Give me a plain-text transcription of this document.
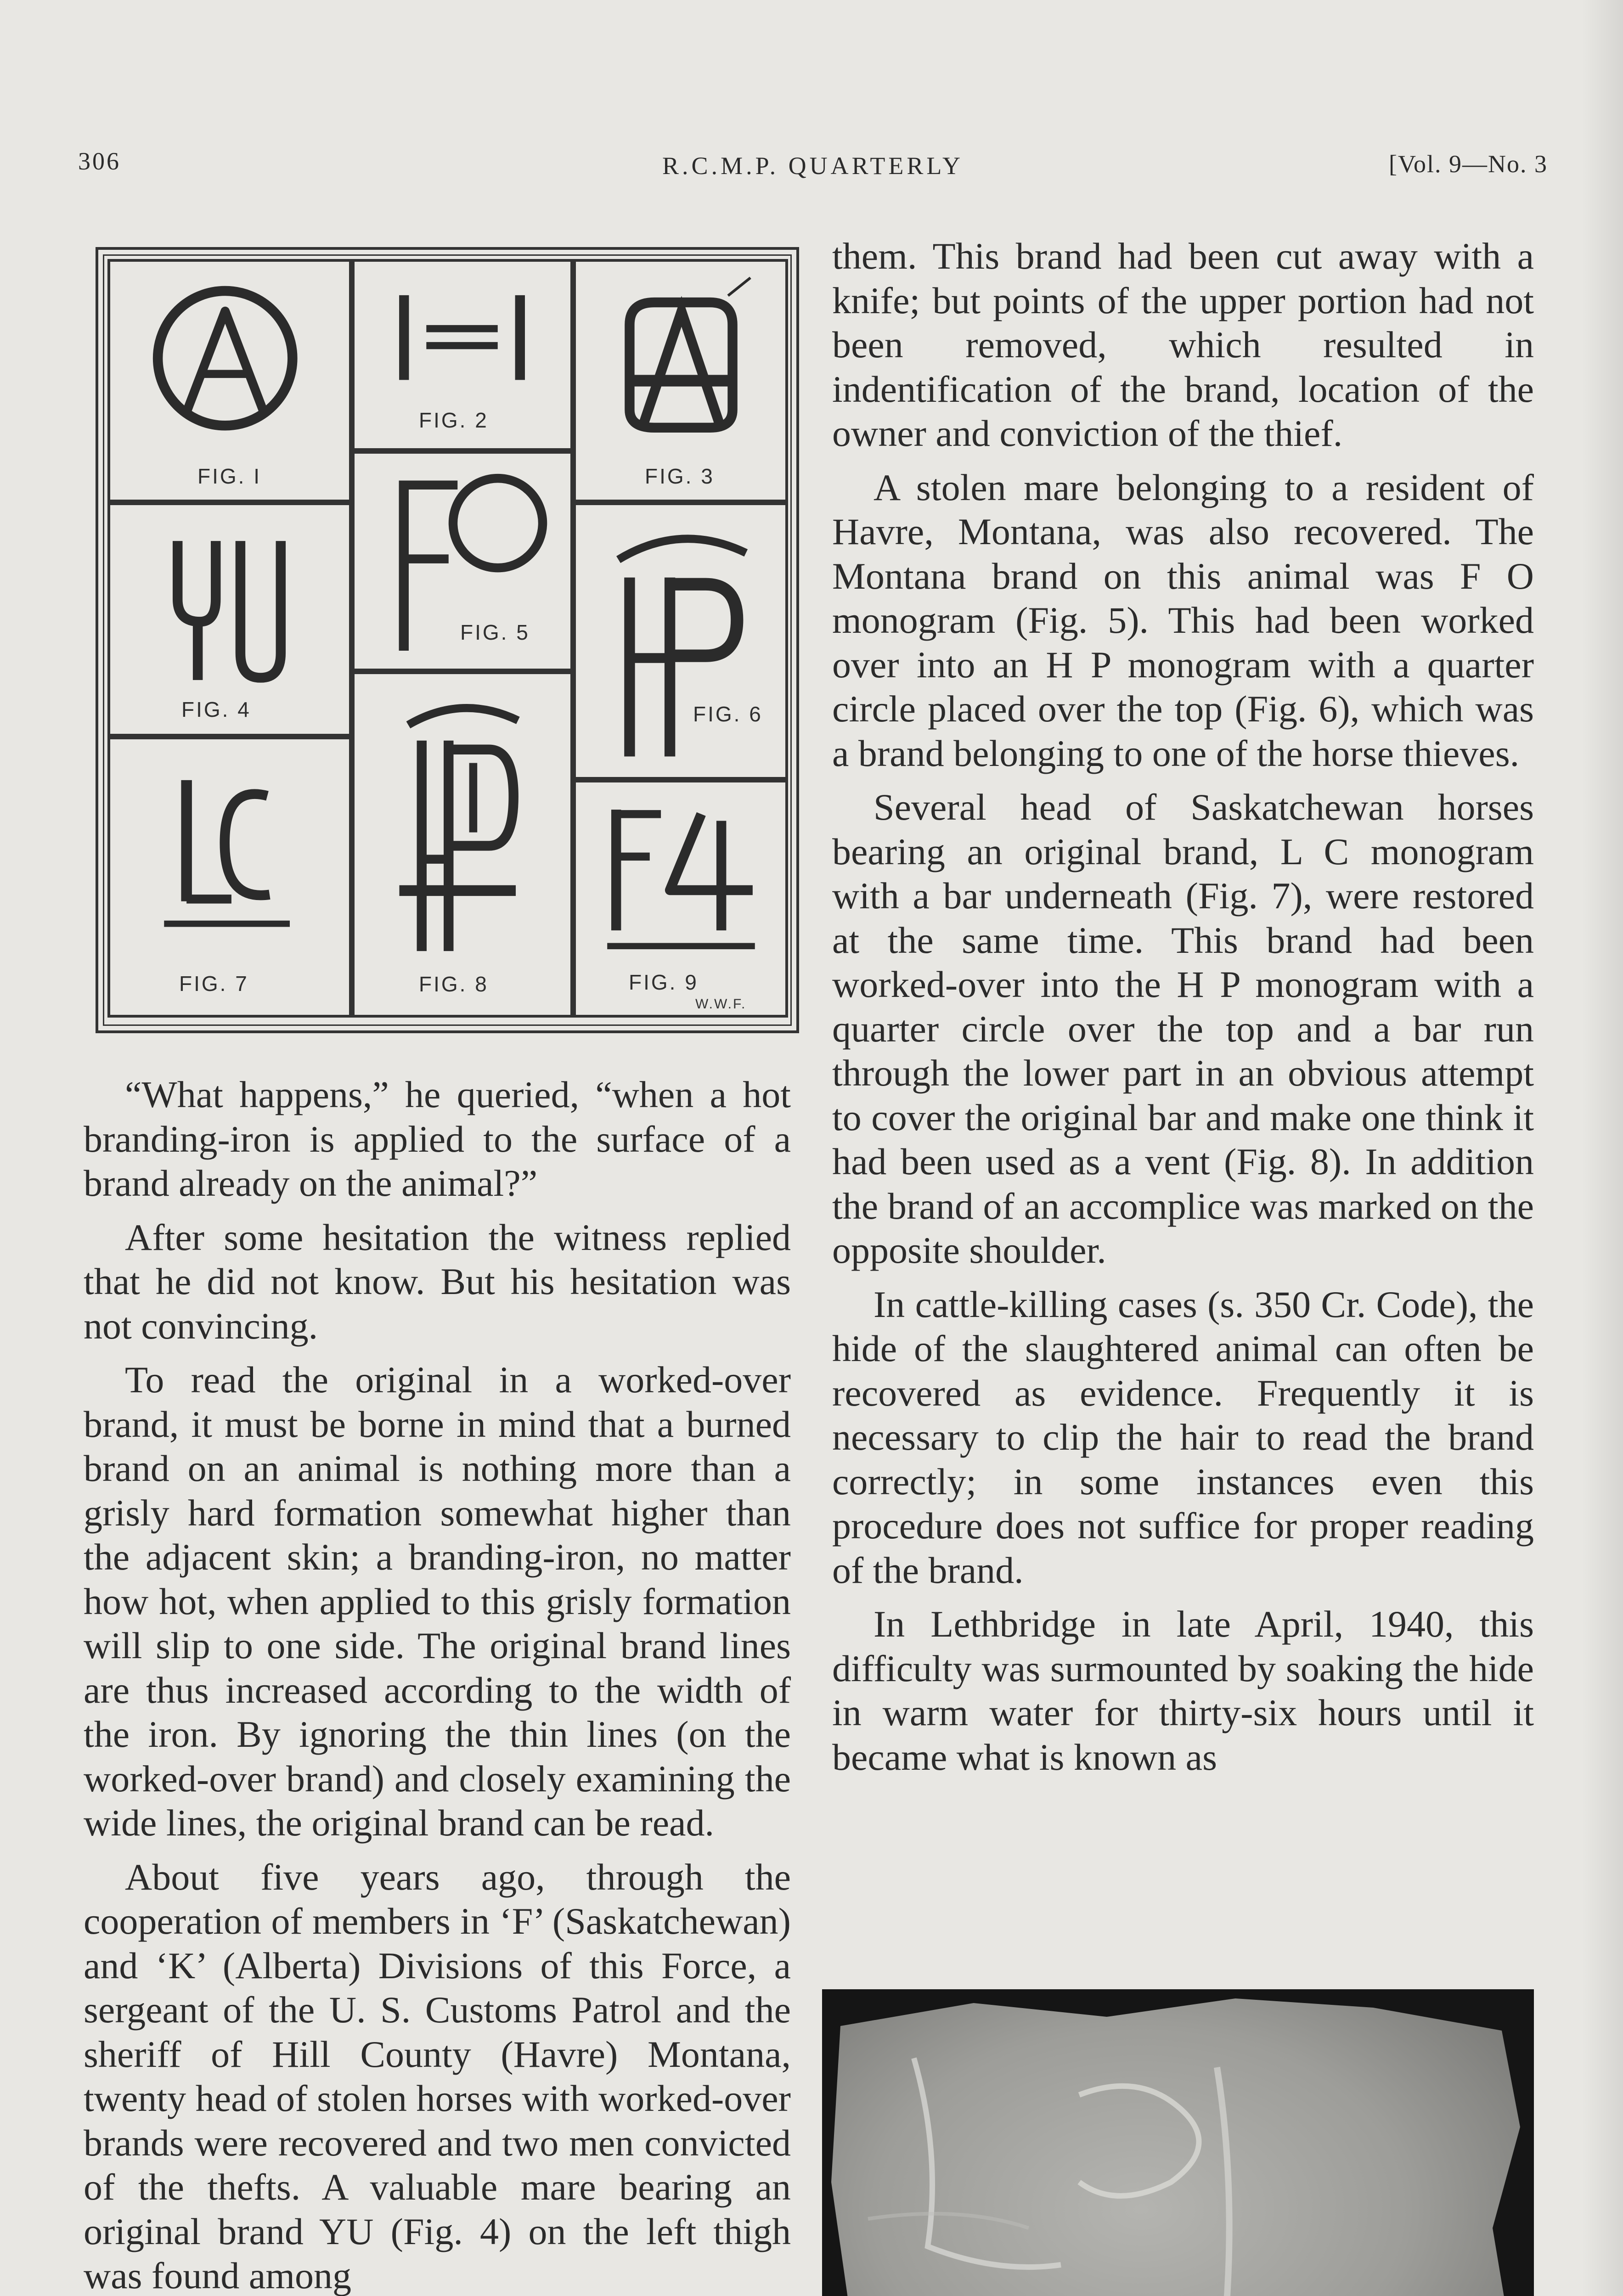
306	R.C.M.P. QUARTERLY	[Vol. 9—No. 3
FIG. I
FIG. 2
FIG. 3
FIG. 4
FIG. 5
FIG. 6
FIG. 7	FIG. 8	FIG. 9
W.W.F.

“What happens,” he queried, “when a hot branding-iron is applied to the surface of a brand already on the animal?”

After some hesitation the witness replied that he did not know. But his hesitation was not convincing.

To read the original in a worked-over brand, it must be borne in mind that a burned brand on an animal is nothing more than a grisly hard formation somewhat higher than the adjacent skin; a branding-iron, no matter how hot, when applied to this grisly formation will slip to one side. The original brand lines are thus increased according to the width of the iron. By ignoring the thin lines (on the worked-over brand) and closely examining the wide lines, the original brand can be read.

About five years ago, through the cooperation of members in ‘F’ (Saskatchewan) and ‘K’ (Alberta) Divisions of this Force, a sergeant of the U. S. Customs Patrol and the sheriff of Hill County (Havre) Montana, twenty head of stolen horses with worked-over brands were recovered and two men convicted of the thefts. A valuable mare bearing an original brand YU (Fig. 4) on the left thigh was found among

them. This brand had been cut away with a knife; but points of the upper portion had not been removed, which resulted in indentification of the brand, location of the owner and conviction of the thief.

A stolen mare belonging to a resident of Havre, Montana, was also recovered. The Montana brand on this animal was F O monogram (Fig. 5). This had been worked over into an H P monogram with a quarter circle placed over the top (Fig. 6), which was a brand belonging to one of the horse thieves.

Several head of Saskatchewan horses bearing an original brand, L C monogram with a bar underneath (Fig. 7), were restored at the same time. This brand had been worked-over into the H P monogram with a quarter circle over the top and a bar run through the lower part in an obvious attempt to cover the original bar and make one think it had been used as a vent (Fig. 8). In addition the brand of an accomplice was marked on the opposite shoulder.

In cattle-killing cases (s. 350 Cr. Code), the hide of the slaughtered animal can often be recovered as evidence. Frequently it is necessary to clip the hair to read the brand correctly; in some instances even this procedure does not suffice for proper reading of the brand.

In Lethbridge in late April, 1940, this difficulty was surmounted by soaking the hide in warm water for thirty-six hours until it became what is known as
